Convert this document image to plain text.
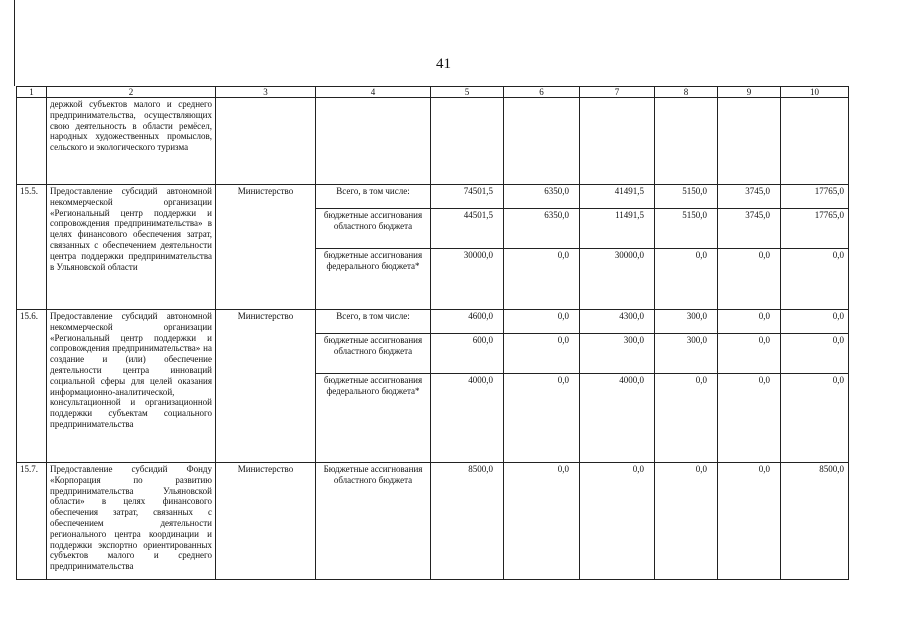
41
1	2	3	4	5	6	7	8	9	10
	держкой субъектов малого и среднего предпринимательства, осуществляющих свою деятельность в области ремёсел, народных художественных промыслов, сельского и экологического туризма								
15.5.	Предоставление субсидий автономной некоммерческой организации «Региональный центр поддержки и сопровождения предпринимательства» в целях финансового обеспечения затрат, связанных с обеспечением деятельности центра поддержки предпринимательства в Ульяновской области	Министерство	Всего, в том числе:	74501,5	6350,0	41491,5	5150,0	3745,0	17765,0
			бюджетные ассигнования областного бюджета	44501,5	6350,0	11491,5	5150,0	3745,0	17765,0
			бюджетные ассигнования федерального бюджета*	30000,0	0,0	30000,0	0,0	0,0	0,0
15.6.	Предоставление субсидий автономной некоммерческой организации «Региональный центр поддержки и сопровождения предпринимательства» на создание и (или) обеспечение деятельности центра инноваций социальной сферы для целей оказания информационно-аналитической, консультационной и организационной поддержки субъектам социального предпринимательства	Министерство	Всего, в том числе:	4600,0	0,0	4300,0	300,0	0,0	0,0
			бюджетные ассигнования областного бюджета	600,0	0,0	300,0	300,0	0,0	0,0
			бюджетные ассигнования федерального бюджета*	4000,0	0,0	4000,0	0,0	0,0	0,0
15.7.	Предоставление субсидий Фонду «Корпорация по развитию предпринимательства Ульяновской области» в целях финансового обеспечения затрат, связанных с обеспечением деятельности регионального центра координации и поддержки экспортно ориентированных субъектов малого и среднего предпринимательства	Министерство	Бюджетные ассигнования областного бюджета	8500,0	0,0	0,0	0,0	0,0	8500,0
